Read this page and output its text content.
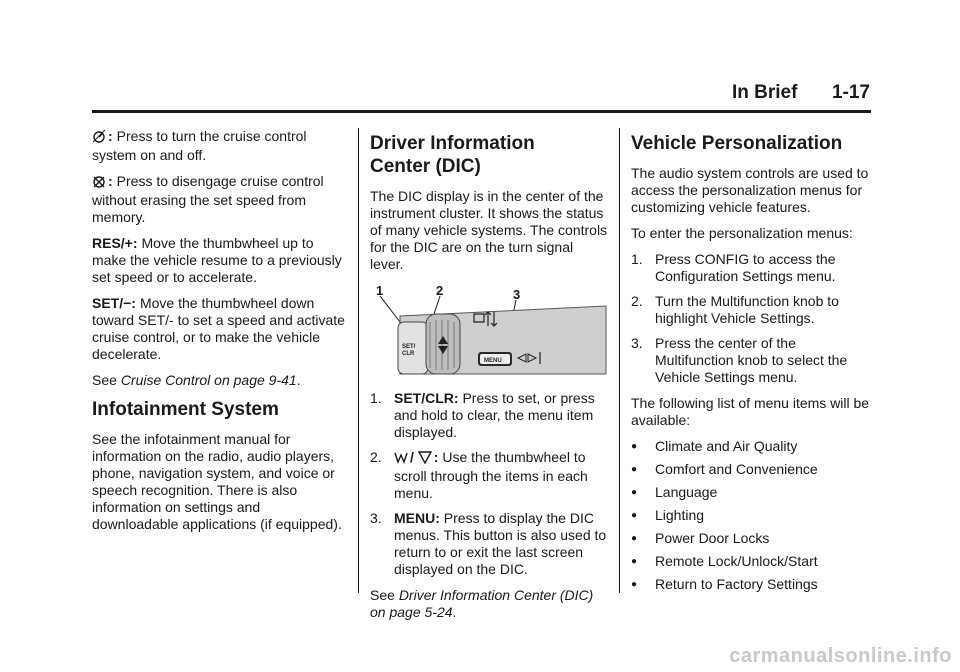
In Brief 1-17

: Press to turn the cruise control system on and off.

: Press to disengage cruise control without erasing the set speed from memory.

RES/+: Move the thumbwheel up to make the vehicle resume to a previously set speed or to accelerate.

SET/−: Move the thumbwheel down toward SET/- to set a speed and activate cruise control, or to make the vehicle decelerate.

See Cruise Control on page 9-41.

Infotainment System

See the infotainment manual for information on the radio, audio players, phone, navigation system, and voice or speech recognition. There is also information on settings and downloadable applications (if equipped).

Driver Information
Center (DIC)

The DIC display is in the center of the instrument cluster. It shows the status of many vehicle systems. The controls for the DIC are on the turn signal lever.

1	2	3
SET/
CLR
MENU
1. SET/CLR: Press to set, or press and hold to clear, the menu item displayed.
2.	/ : Use the thumbwheel to scroll through the items in each menu.
3. MENU: Press to display the DIC menus. This button is also used to return to or exit the last screen displayed on the DIC.

See Driver Information Center (DIC) on page 5-24.

Vehicle Personalization

The audio system controls are used to access the personalization menus for customizing vehicle features.

To enter the personalization menus:

1. Press CONFIG to access the Configuration Settings menu.
2. Turn the Multifunction knob to highlight Vehicle Settings.
3. Press the center of the Multifunction knob to select the Vehicle Settings menu.

The following list of menu items will be available:

●	Climate and Air Quality
●	Comfort and Convenience
●	Language
●	Lighting
●	Power Door Locks
●	Remote Lock/Unlock/Start
●	Return to Factory Settings
carmanualsonline.info
